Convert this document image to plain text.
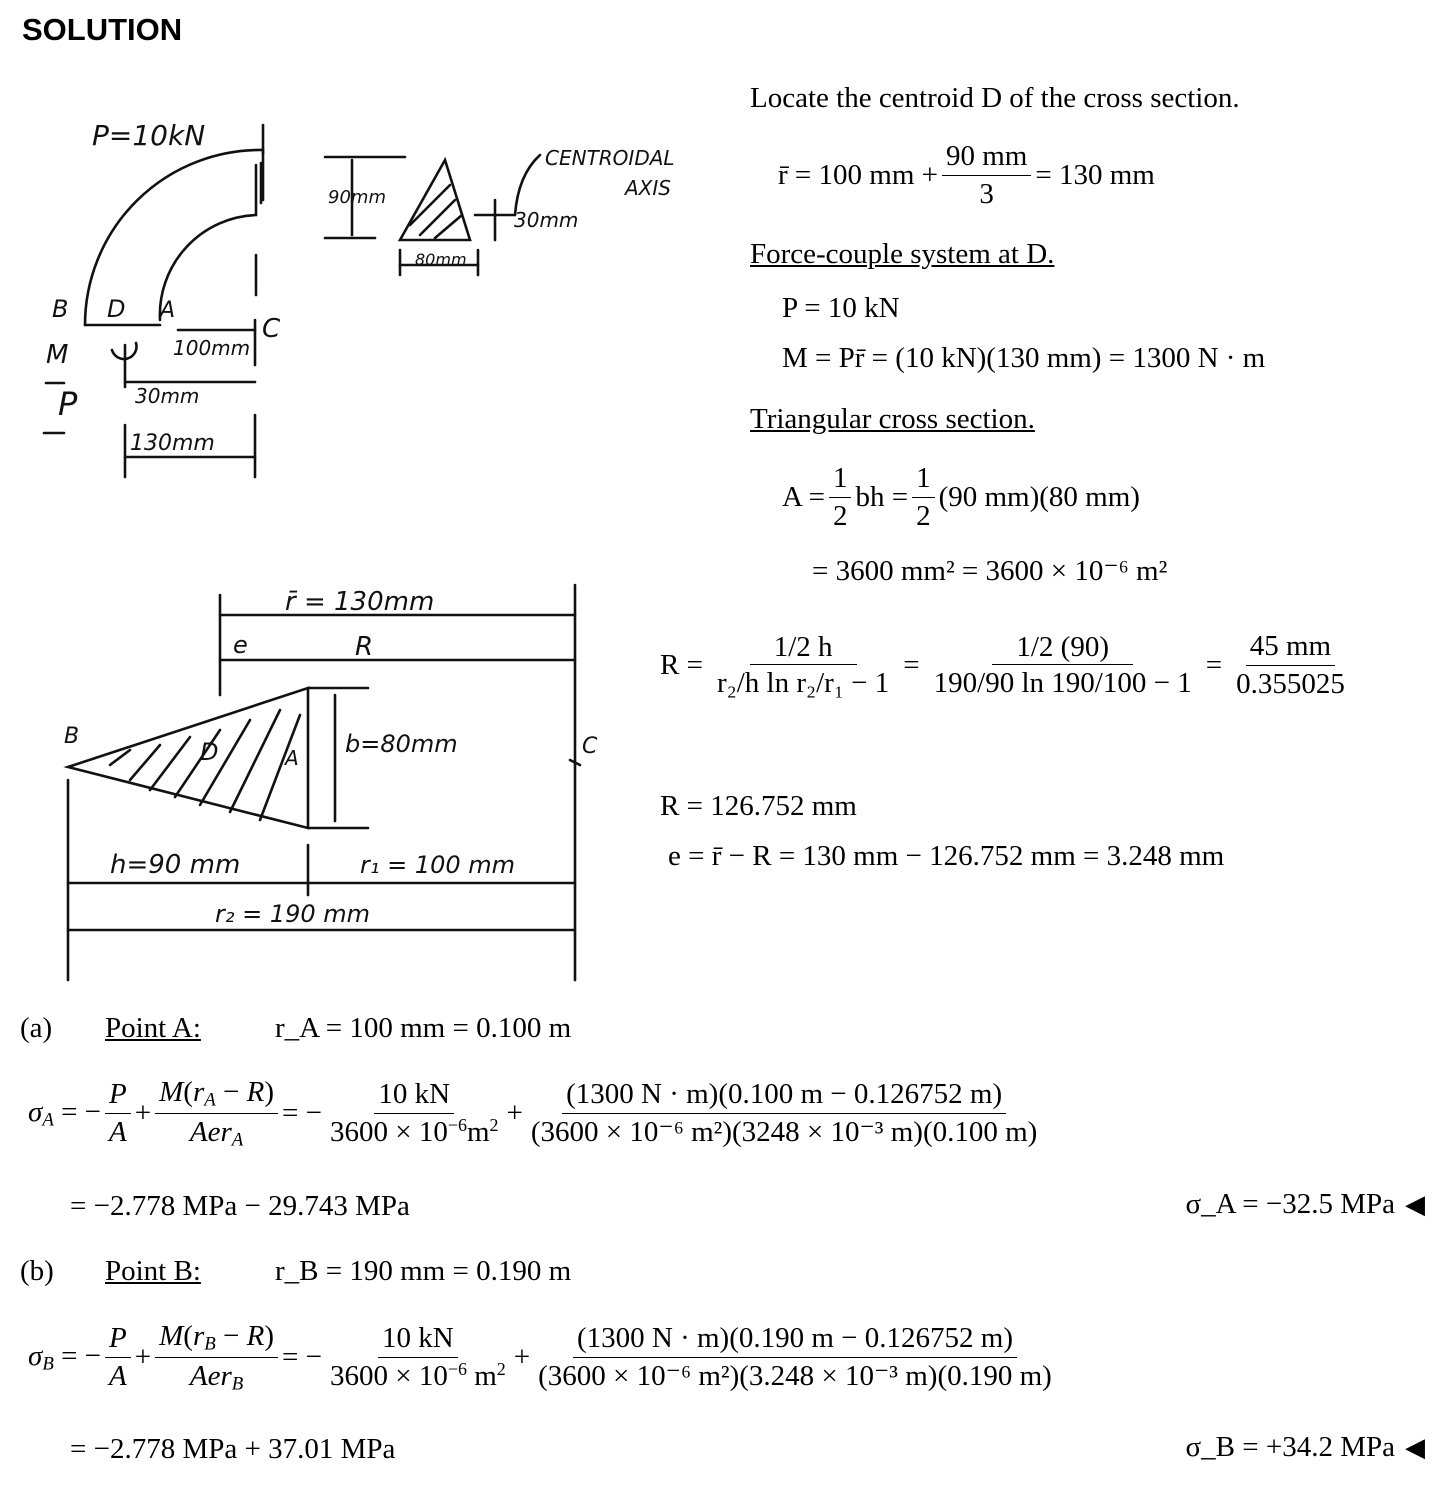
SOLUTION
P=10kN
B D A
C
M
P
100mm
30mm
130mm
90mm
80mm
30mm
CENTROIDAL
AXIS
r̄ = 130mm
e	R
B
D	A	C
b=80mm
h=90 mm	r₁ = 100 mm
r₂ = 190 mm
Locate the centroid D of the cross section.
r̄ = 100 mm + $\frac{90 mm}{3} = 130$ mm
Force-couple system at D.
P = 10 kN
M = Pr̄ = (10 kN)(130 mm) = 1300 N · m
Triangular cross section.
$A = \frac{1}{2}$ bh = $\frac{1}{2} (90$ mm)(80 mm)
= 3600 mm² = 3600 × 10⁻⁶ m²
$R = \frac{1/2 h}{\text{r₂/h ln r₂/r₁ − 1}} = \frac{1/2 (90)}{190/90 \ln 190/100 - 1} = \frac{45 mm}{0.355025}$
R = 126.752 mm
e = r̄ − R = 130 mm − 126.752 mm = 3.248 mm
(a) Point A:	r_A = 100 mm = 0.100 m
$\sigma_A$ = − $\frac{P}{A} + \frac{M(r_A - R)}{Aer_A}$ = − $\frac{10 kN}{3600 \times 10^{-6}m^2} + \frac{(1300 N \cdot m)(0.100 m - 0.126752 m)}{\text{(3600 × 10⁻⁶ m²)(3248 × 10⁻³ m)(0.100 m)}}$
= −2.778 MPa − 29.743 MPa	σ_A = −32.5 MPa ◀
(b) Point B:	r_B = 190 mm = 0.190 m
$\sigma_B$ = − $\frac{P}{A} + \frac{M(r_B - R)}{Aer_B}$ = − $\frac{10 kN}{3600 \times 10^{-6} m^2} + \frac{(1300 N \cdot m)(0.190 m - 0.126752 m)}{\text{(3600 × 10⁻⁶ m²)(3.248 × 10⁻³ m)(0.190 m)}}$
= −2.778 MPa + 37.01 MPa	σ_B = +34.2 MPa ◀
